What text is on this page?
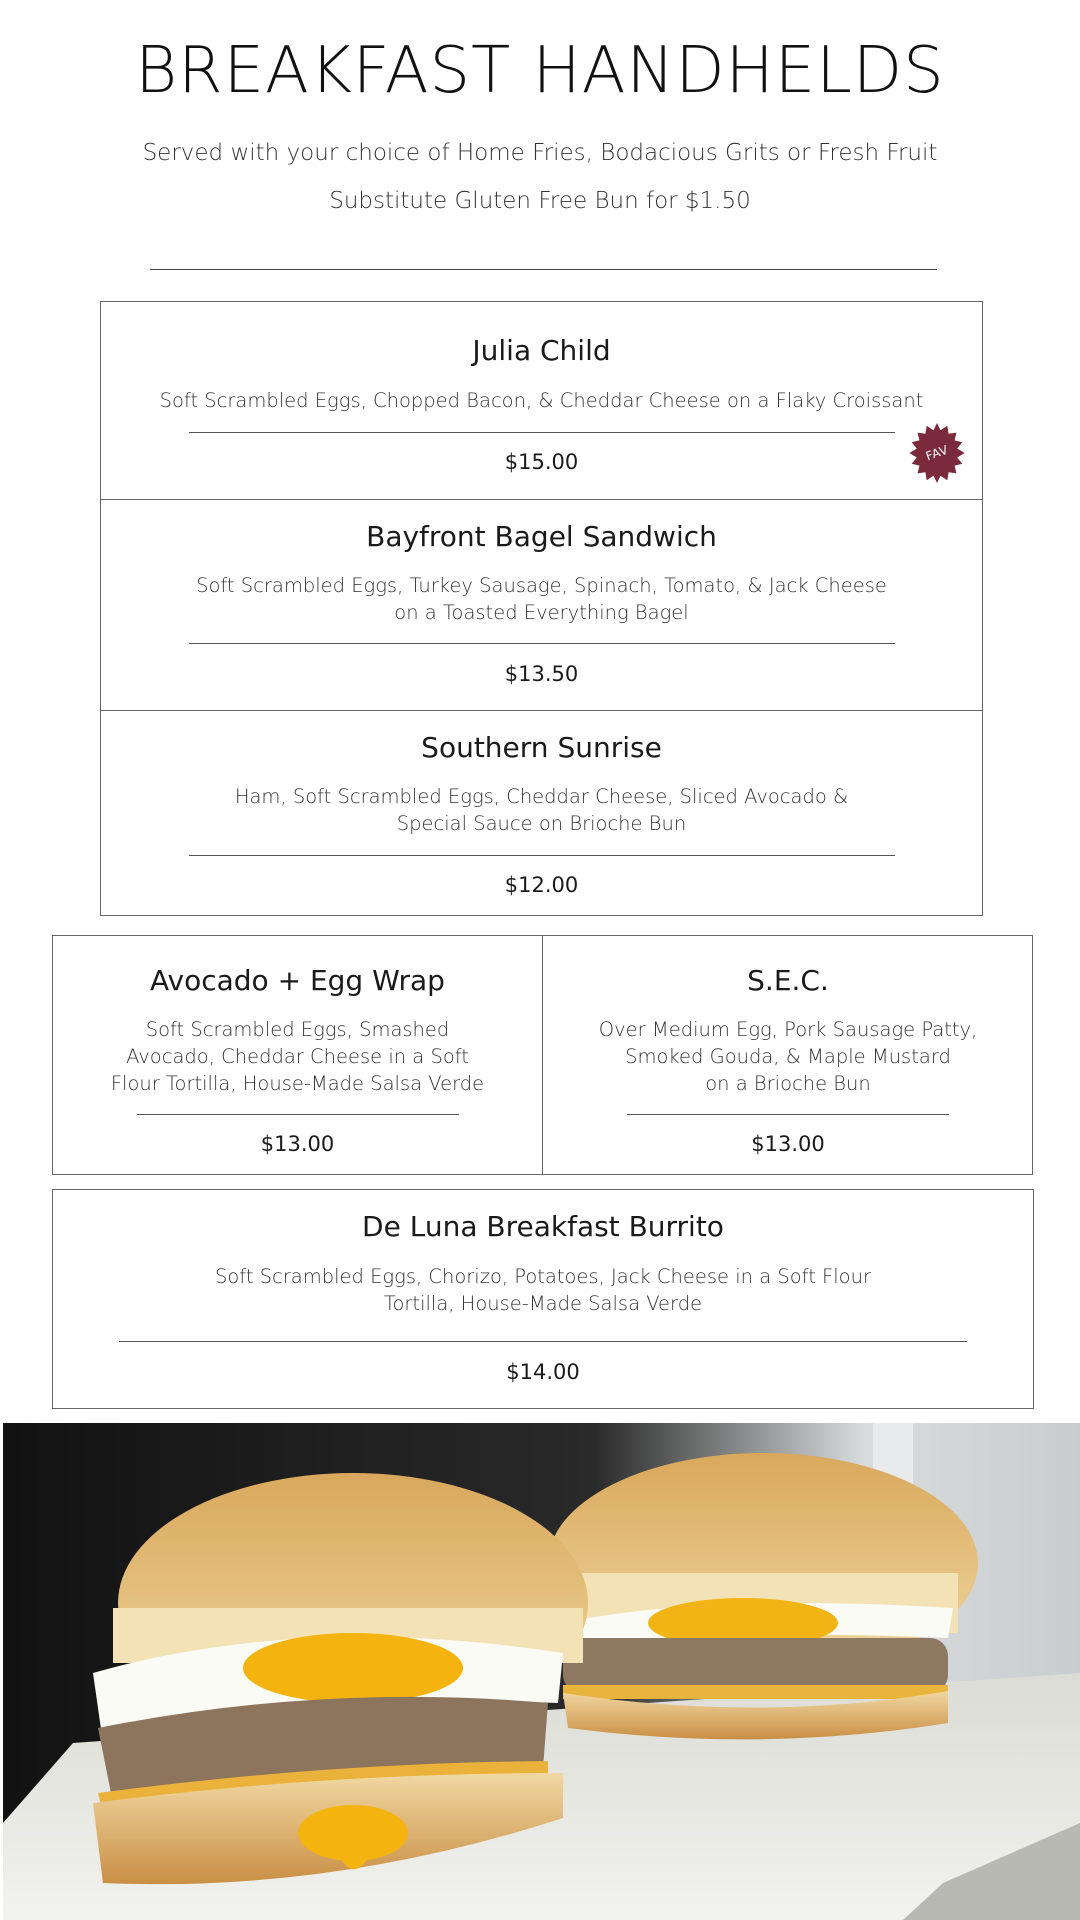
BREAKFAST HANDHELDS
Served with your choice of Home Fries, Bodacious Grits or Fresh Fruit
Substitute Gluten Free Bun for $1.50
Julia Child

Soft Scrambled Eggs, Chopped Bacon, & Cheddar Cheese on a Flaky Croissant

$15.00
Bayfront Bagel Sandwich

Soft Scrambled Eggs, Turkey Sausage, Spinach, Tomato, & Jack Cheese

on a Toasted Everything Bagel

$13.50
Southern Sunrise

Ham, Soft Scrambled Eggs, Cheddar Cheese, Sliced Avocado &

Special Sauce on Brioche Bun

$12.00
FAV
Avocado + Egg Wrap

Soft Scrambled Eggs, Smashed

Avocado, Cheddar Cheese in a Soft

Flour Tortilla, House-Made Salsa Verde

$13.00
S.E.C.

Over Medium Egg, Pork Sausage Patty,

Smoked Gouda, & Maple Mustard

on a Brioche Bun

$13.00
De Luna Breakfast Burrito

Soft Scrambled Eggs, Chorizo, Potatoes, Jack Cheese in a Soft Flour

Tortilla, House-Made Salsa Verde

$14.00
